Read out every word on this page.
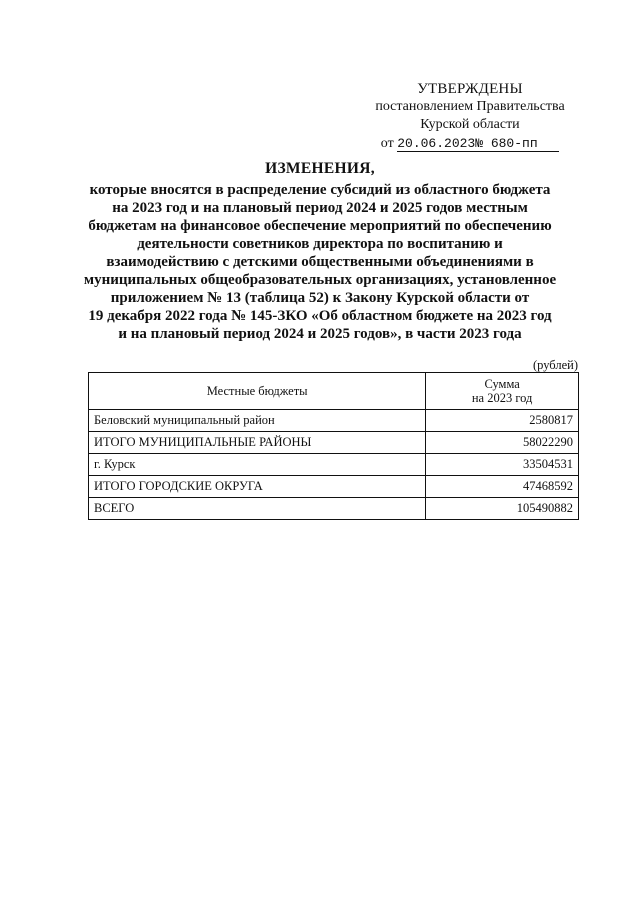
УТВЕРЖДЕНЫ
постановлением Правительства
Курской области
от 20.06.2023№ 680-пп
ИЗМЕНЕНИЯ,
которые вносятся в распределение субсидий из областного бюджета
на 2023 год и на плановый период 2024 и 2025 годов местным
бюджетам на финансовое обеспечение мероприятий по обеспечению
деятельности советников директора по воспитанию и
взаимодействию с детскими общественными объединениями в
муниципальных общеобразовательных организациях, установленное
приложением № 13 (таблица 52) к Закону Курской области от
19 декабря 2022 года № 145-ЗКО «Об областном бюджете на 2023 год
и на плановый период 2024 и 2025 годов», в части 2023 года
(рублей)
Местные бюджеты	Сумма
на 2023 год

Беловский муниципальный район	2580817
ИТОГО МУНИЦИПАЛЬНЫЕ РАЙОНЫ	58022290
г. Курск	33504531
ИТОГО ГОРОДСКИЕ ОКРУГА	47468592
ВСЕГО	105490882
